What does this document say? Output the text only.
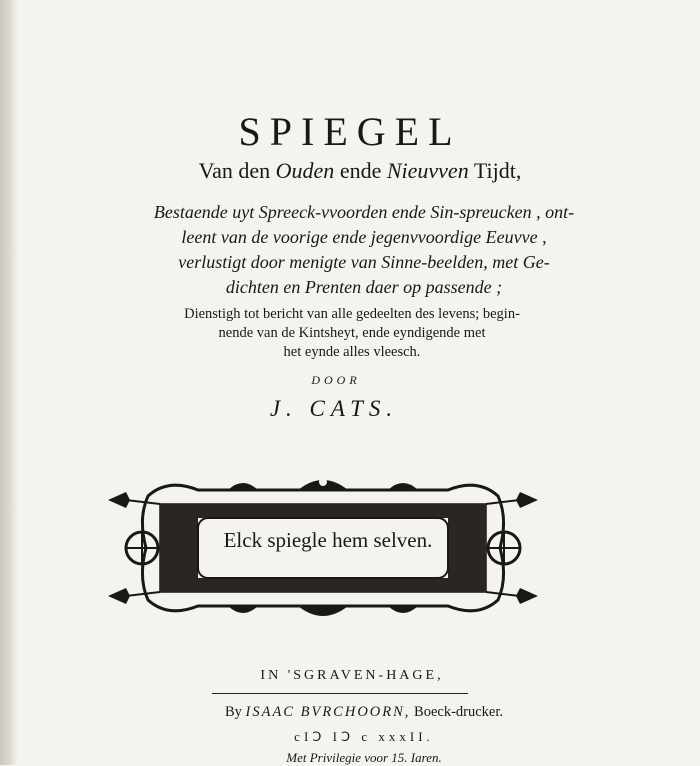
SPIEGEL
Van den Ouden ende Nieuvven Tijdt,
Bestaende uyt Spreeck-vvoorden ende Sin-spreucken , ont-
leent van de voorige ende jegenvvoordige Eeuvve ,
verlustigt door menigte van Sinne-beelden, met Ge-
dichten en Prenten daer op passende ;
Dienstigh tot bericht van alle gedeelten des levens; begin-
nende van de Kintsheyt, ende eyndigende met
het eynde alles vleesch.
DOOR
J. CATS.
Elck spiegle hem selven.
IN 'SGRAVEN-HAGE,
By ISAAC BVRCHOORN, Boeck-drucker.
cIↃ IↃ c xxxII.
Met Privilegie voor 15. Iaren.
